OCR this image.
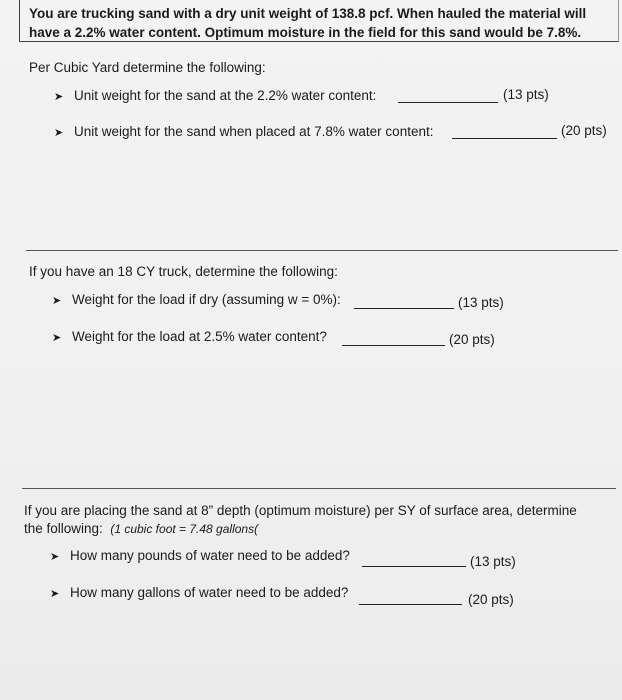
You are trucking sand with a dry unit weight of 138.8 pcf. When hauled the material will have a 2.2% water content. Optimum moisture in the field for this sand would be 7.8%.
Per Cubic Yard determine the following:
➤ Unit weight for the sand at the 2.2% water content:	(13 pts)
➤ Unit weight for the sand when placed at 7.8% water content:	(20 pts)
If you have an 18 CY truck, determine the following:
➤ Weight for the load if dry (assuming w = 0%):	(13 pts)
➤ Weight for the load at 2.5% water content?	(20 pts)
If you are placing the sand at 8” depth (optimum moisture) per SY of surface area, determine
the following: (1 cubic foot = 7.48 gallons(
➤ How many pounds of water need to be added?	(13 pts)
➤ How many gallons of water need to be added?	(20 pts)
